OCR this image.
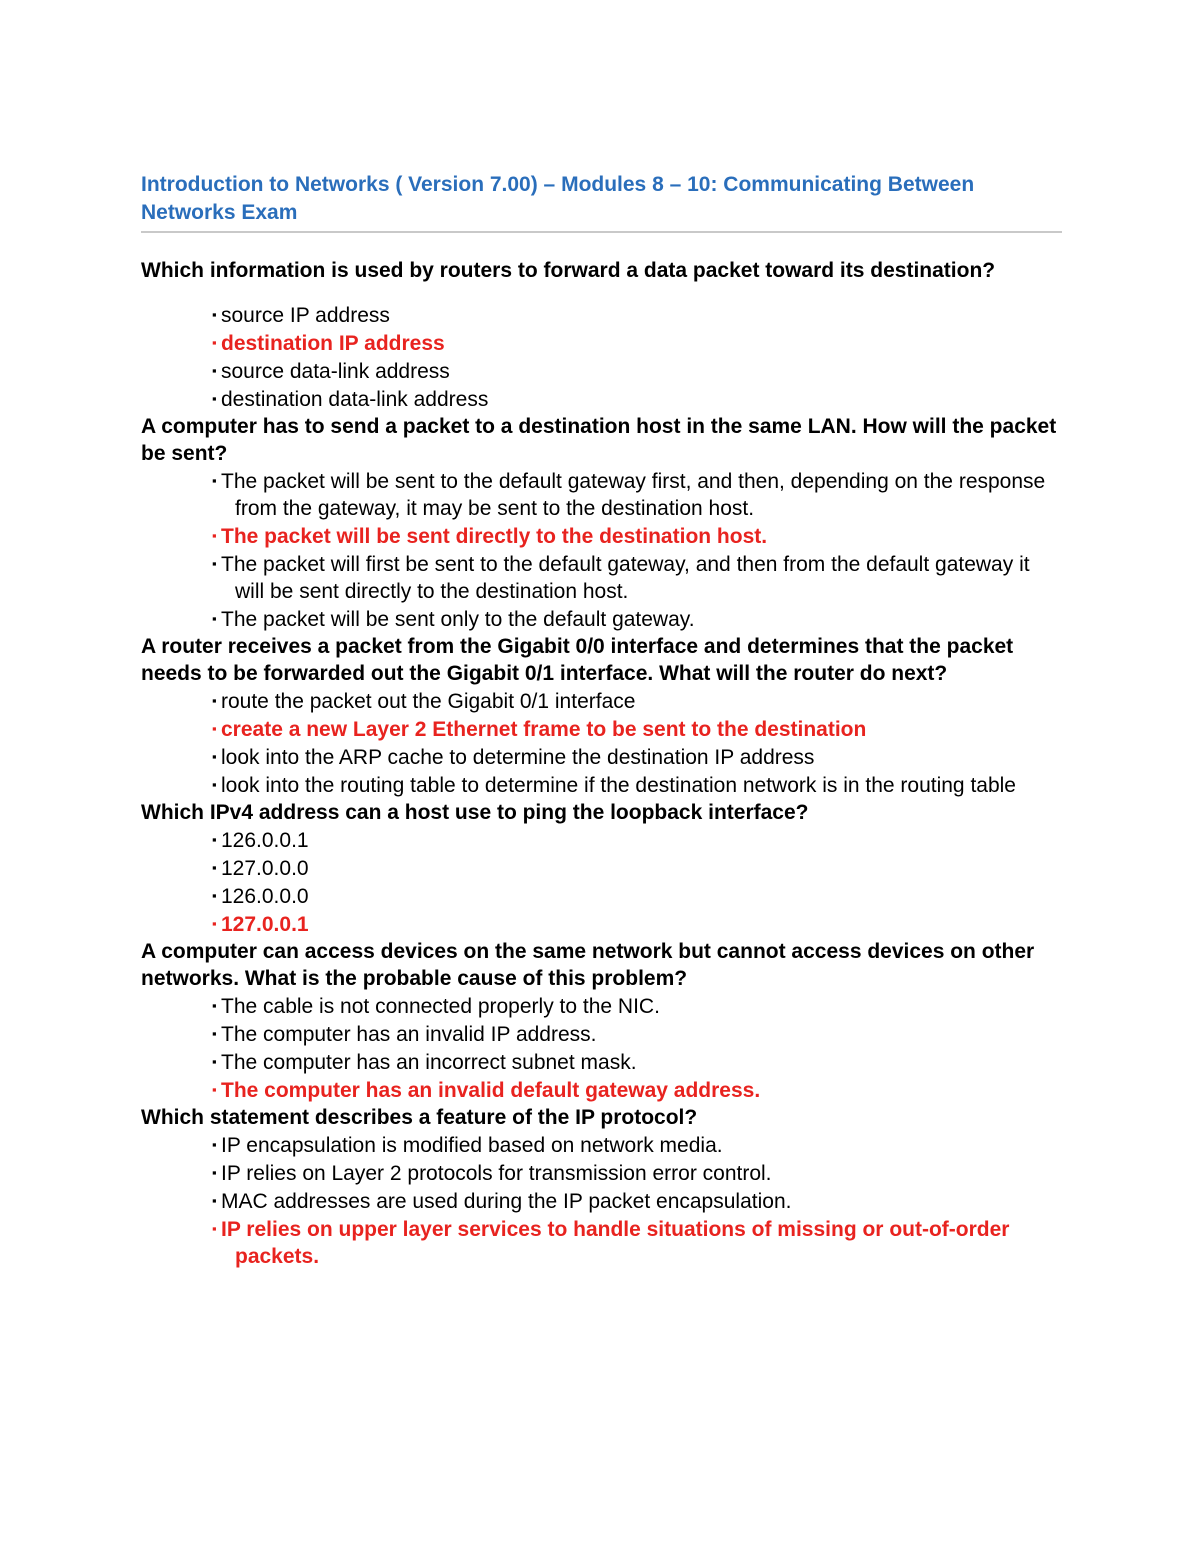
Introduction to Networks ( Version 7.00) – Modules 8 – 10: Communicating Between Networks Exam

Which information is used by routers to forward a data packet toward its destination?

▪ source IP address
▪ destination IP address
▪ source data-link address
▪ destination data-link address

A computer has to send a packet to a destination host in the same LAN. How will the packet be sent?

▪ The packet will be sent to the default gateway first, and then, depending on the response from the gateway, it may be sent to the destination host.
▪ The packet will be sent directly to the destination host.
▪ The packet will first be sent to the default gateway, and then from the default gateway it will be sent directly to the destination host.
▪ The packet will be sent only to the default gateway.

A router receives a packet from the Gigabit 0/0 interface and determines that the packet needs to be forwarded out the Gigabit 0/1 interface. What will the router do next?

▪ route the packet out the Gigabit 0/1 interface
▪ create a new Layer 2 Ethernet frame to be sent to the destination
▪ look into the ARP cache to determine the destination IP address
▪ look into the routing table to determine if the destination network is in the routing table

Which IPv4 address can a host use to ping the loopback interface?

▪ 126.0.0.1
▪ 127.0.0.0
▪ 126.0.0.0
▪ 127.0.0.1

A computer can access devices on the same network but cannot access devices on other networks. What is the probable cause of this problem?

▪ The cable is not connected properly to the NIC.
▪ The computer has an invalid IP address.
▪ The computer has an incorrect subnet mask.
▪ The computer has an invalid default gateway address.

Which statement describes a feature of the IP protocol?

▪ IP encapsulation is modified based on network media.
▪ IP relies on Layer 2 protocols for transmission error control.
▪ MAC addresses are used during the IP packet encapsulation.
▪ IP relies on upper layer services to handle situations of missing or out-of-order packets.
